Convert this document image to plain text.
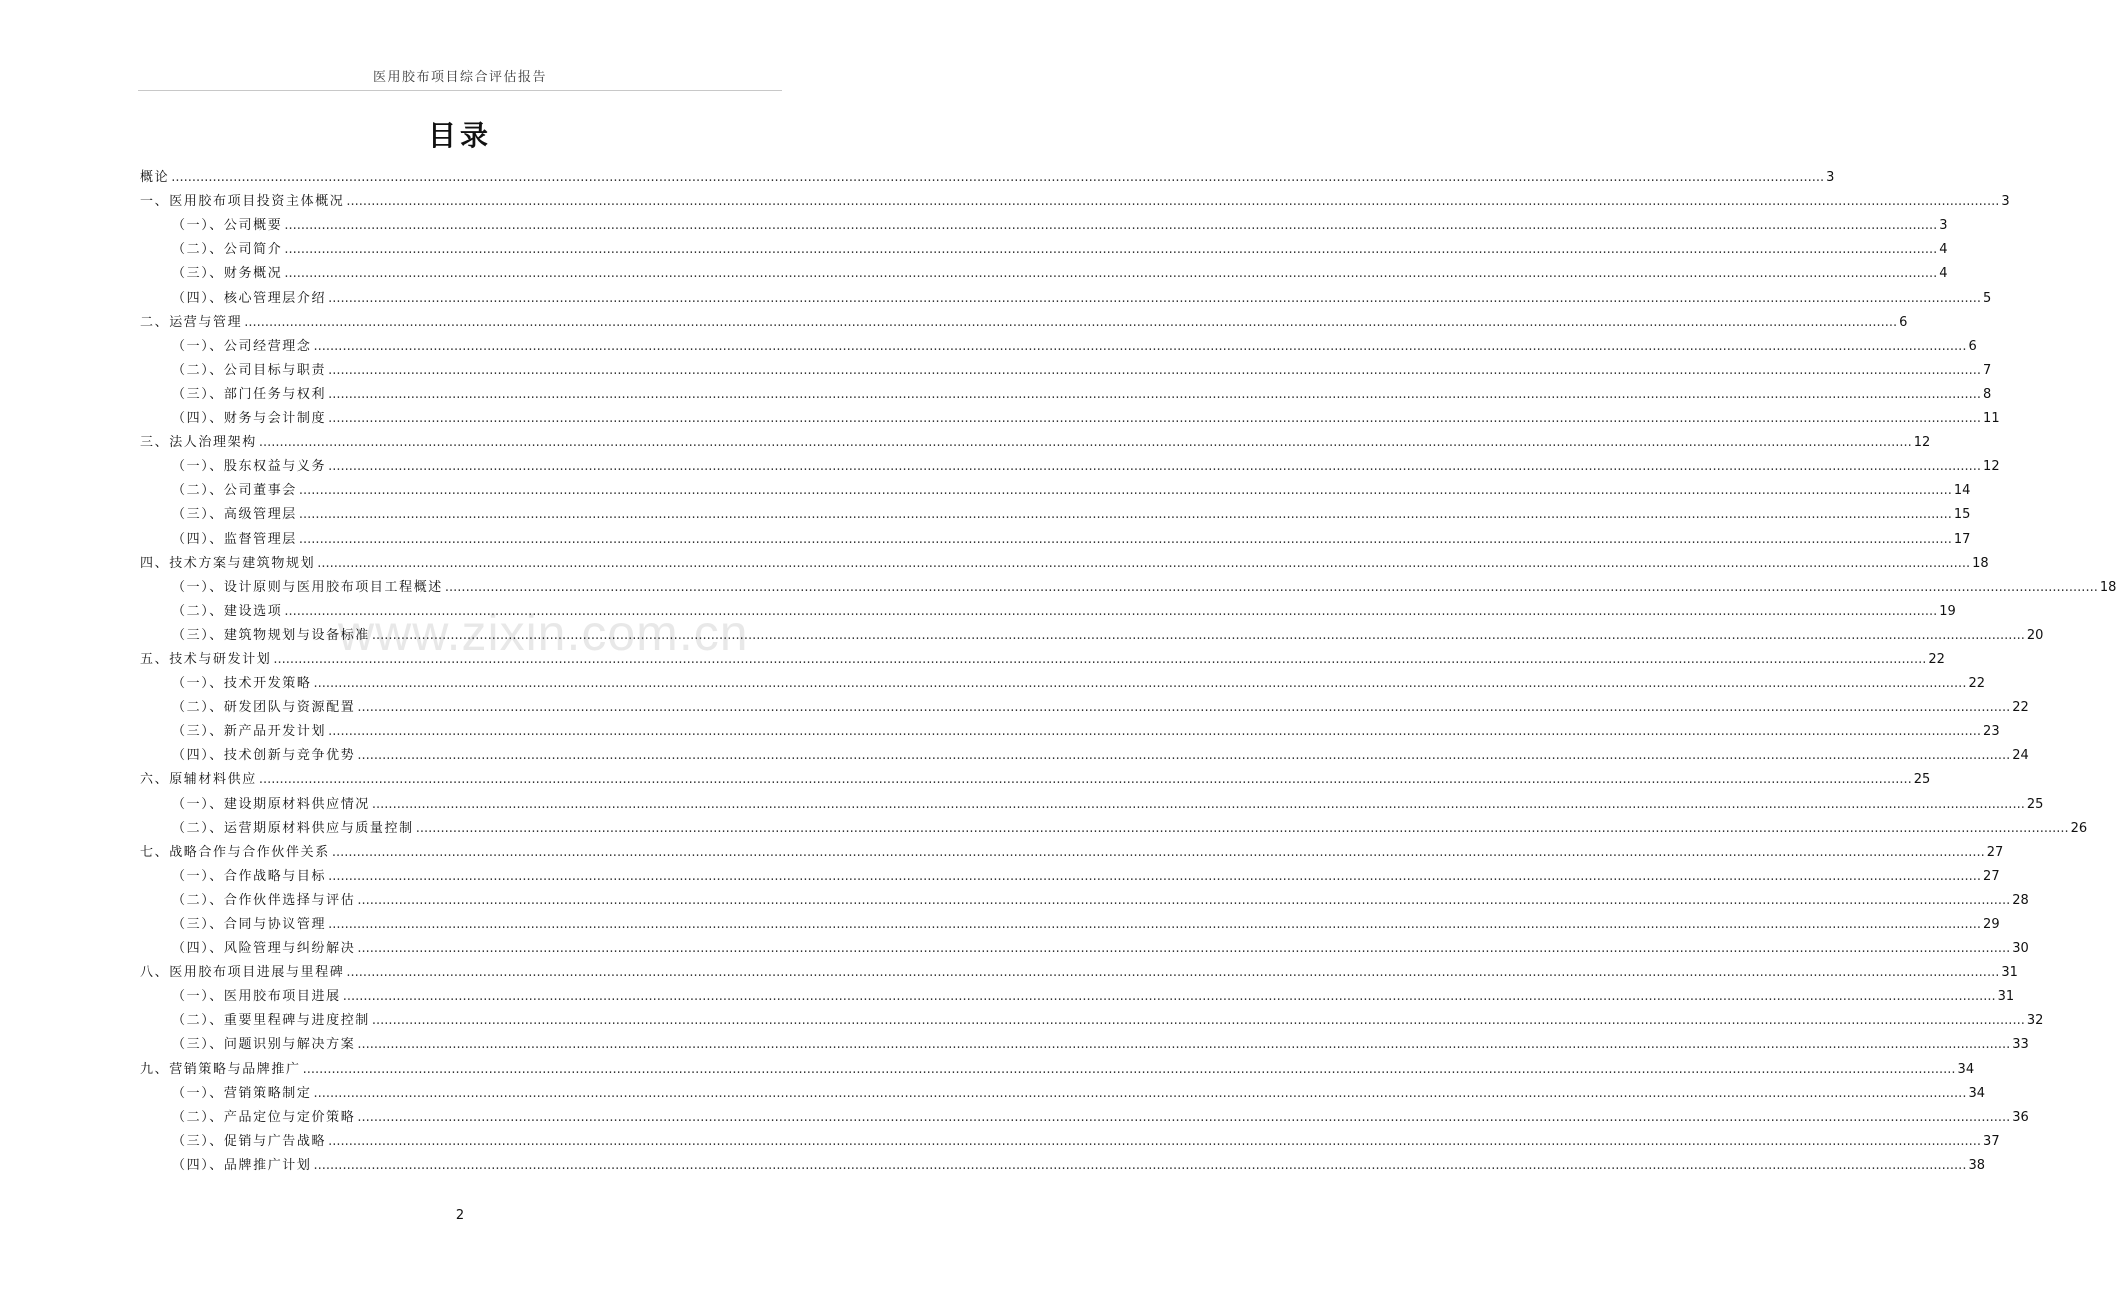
医用胶布项目综合评估报告
目录
概论 ................................................................................................................................................................................................................................................................................................................................................................................................................ 3
一、医用胶布项目投资主体概况 ................................................................................................................................................................................................................................................................................................................................................................................................................ 3
（一）、公司概要 ................................................................................................................................................................................................................................................................................................................................................................................................................ 3
（二）、公司简介 ................................................................................................................................................................................................................................................................................................................................................................................................................ 4
（三）、财务概况 ................................................................................................................................................................................................................................................................................................................................................................................................................ 4
（四）、核心管理层介绍 ................................................................................................................................................................................................................................................................................................................................................................................................................ 5
二、运营与管理 ................................................................................................................................................................................................................................................................................................................................................................................................................ 6
（一）、公司经营理念 ................................................................................................................................................................................................................................................................................................................................................................................................................ 6
（二）、公司目标与职责 ................................................................................................................................................................................................................................................................................................................................................................................................................ 7
（三）、部门任务与权利 ................................................................................................................................................................................................................................................................................................................................................................................................................ 8
（四）、财务与会计制度 ................................................................................................................................................................................................................................................................................................................................................................................................................ 11
三、法人治理架构 ................................................................................................................................................................................................................................................................................................................................................................................................................ 12
（一）、股东权益与义务 ................................................................................................................................................................................................................................................................................................................................................................................................................ 12
（二）、公司董事会 ................................................................................................................................................................................................................................................................................................................................................................................................................ 14
（三）、高级管理层 ................................................................................................................................................................................................................................................................................................................................................................................................................ 15
（四）、监督管理层 ................................................................................................................................................................................................................................................................................................................................................................................................................ 17
四、技术方案与建筑物规划 ................................................................................................................................................................................................................................................................................................................................................................................................................ 18
（一）、设计原则与医用胶布项目工程概述 ................................................................................................................................................................................................................................................................................................................................................................................................................ 18
（二）、建设选项 ................................................................................................................................................................................................................................................................................................................................................................................................................ 19
（三）、建筑物规划与设备标准 ................................................................................................................................................................................................................................................................................................................................................................................................................ 20
五、技术与研发计划 ................................................................................................................................................................................................................................................................................................................................................................................................................ 22
（一）、技术开发策略 ................................................................................................................................................................................................................................................................................................................................................................................................................ 22
（二）、研发团队与资源配置 ................................................................................................................................................................................................................................................................................................................................................................................................................ 22
（三）、新产品开发计划 ................................................................................................................................................................................................................................................................................................................................................................................................................ 23
（四）、技术创新与竞争优势 ................................................................................................................................................................................................................................................................................................................................................................................................................ 24
六、原辅材料供应 ................................................................................................................................................................................................................................................................................................................................................................................................................ 25
（一）、建设期原材料供应情况 ................................................................................................................................................................................................................................................................................................................................................................................................................ 25
（二）、运营期原材料供应与质量控制 ................................................................................................................................................................................................................................................................................................................................................................................................................ 26
七、战略合作与合作伙伴关系 ................................................................................................................................................................................................................................................................................................................................................................................................................ 27
（一）、合作战略与目标 ................................................................................................................................................................................................................................................................................................................................................................................................................ 27
（二）、合作伙伴选择与评估 ................................................................................................................................................................................................................................................................................................................................................................................................................ 28
（三）、合同与协议管理 ................................................................................................................................................................................................................................................................................................................................................................................................................ 29
（四）、风险管理与纠纷解决 ................................................................................................................................................................................................................................................................................................................................................................................................................ 30
八、医用胶布项目进展与里程碑 ................................................................................................................................................................................................................................................................................................................................................................................................................ 31
（一）、医用胶布项目进展 ................................................................................................................................................................................................................................................................................................................................................................................................................ 31
（二）、重要里程碑与进度控制 ................................................................................................................................................................................................................................................................................................................................................................................................................ 32
（三）、问题识别与解决方案 ................................................................................................................................................................................................................................................................................................................................................................................................................ 33
九、营销策略与品牌推广 ................................................................................................................................................................................................................................................................................................................................................................................................................ 34
（一）、营销策略制定 ................................................................................................................................................................................................................................................................................................................................................................................................................ 34
（二）、产品定位与定价策略 ................................................................................................................................................................................................................................................................................................................................................................................................................ 36
（三）、促销与广告战略 ................................................................................................................................................................................................................................................................................................................................................................................................................ 37
（四）、品牌推广计划 ................................................................................................................................................................................................................................................................................................................................................................................................................ 38
www.zixin.com.cn
2
